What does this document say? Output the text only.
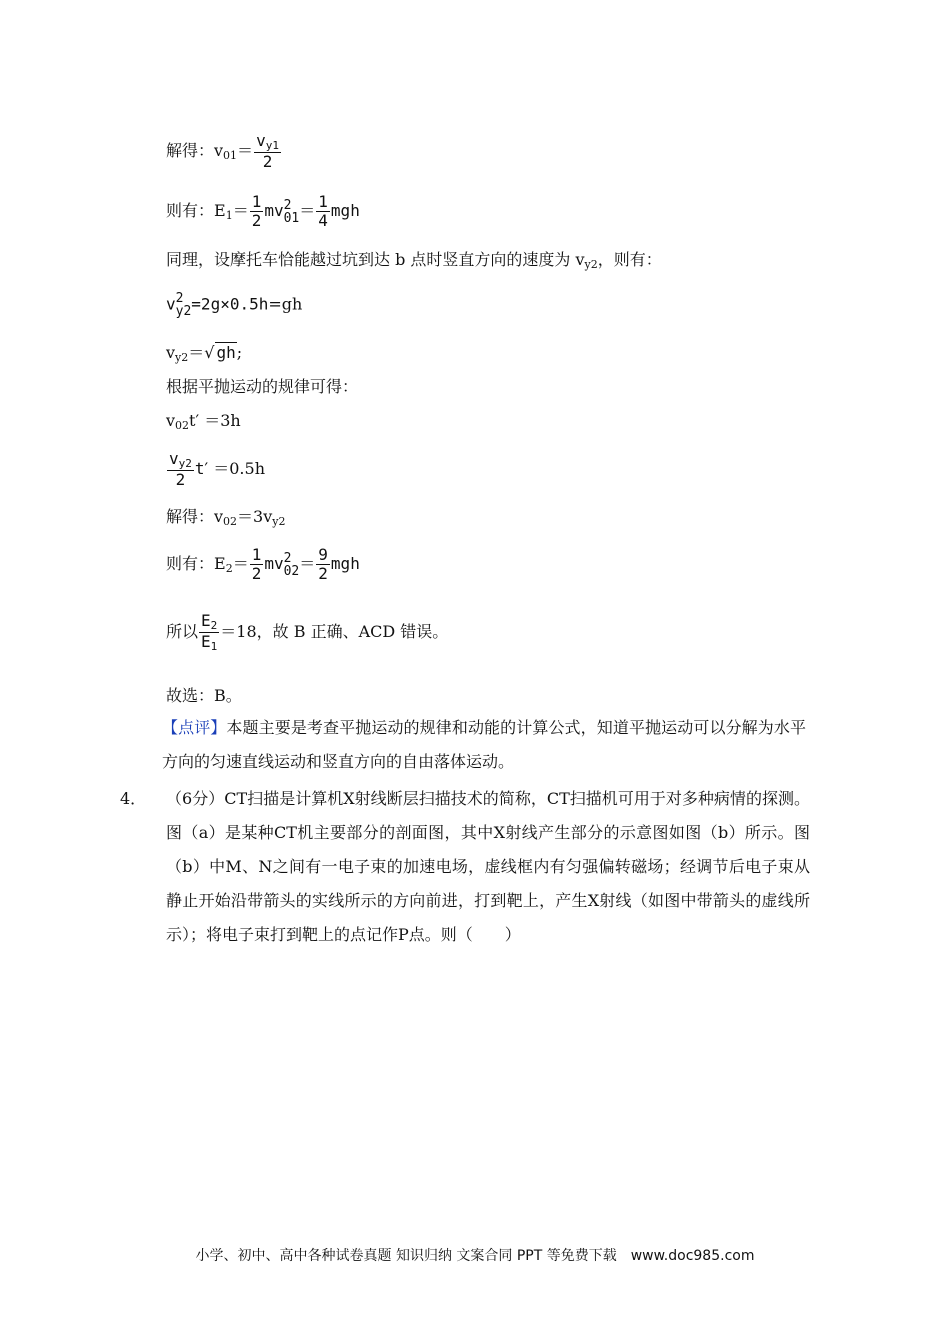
解得：$v01= \frac{vy1}{2}$
则有：$E1= \frac{1}{2}$ mv 2
$01 = \frac{1}{4}$ mgh
同理，设摩托车恰能越过坑到达 b 点时竖直方向的速度为 vy2，则有：
v 2
y2 =2g×0.5h=gh
vy2＝√ gh;
根据平抛运动的规律可得：
v02t′ ＝3h
$\frac{vy2}{2} t' =0.5h$
解得：v02＝3vy2
则有：$E2= \frac{1}{2}$ mv 2
$02 = \frac{9}{2}$ mgh
所以 $\frac{E2}{E1} =18$，故 B 正确、ACD 错误。
故选：B。
【点评】本题主要是考查平抛运动的规律和动能的计算公式，知道平抛运动可以分解为水平方向的匀速直线运动和竖直方向的自由落体运动。
4．	（6分）CT扫描是计算机X射线断层扫描技术的简称，CT扫描机可用于对多种病情的探测。图（a）是某种CT机主要部分的剖面图，其中X射线产生部分的示意图如图（b）所示。图（b）中M、N之间有一电子束的加速电场，虚线框内有匀强偏转磁场；经调节后电子束从静止开始沿带箭头的实线所示的方向前进，打到靶上，产生X射线（如图中带箭头的虚线所示）；将电子束打到靶上的点记作P点。则（　　）
小学、初中、高中各种试卷真题 知识归纳 文案合同 PPT 等免费下载　www.doc985.com
